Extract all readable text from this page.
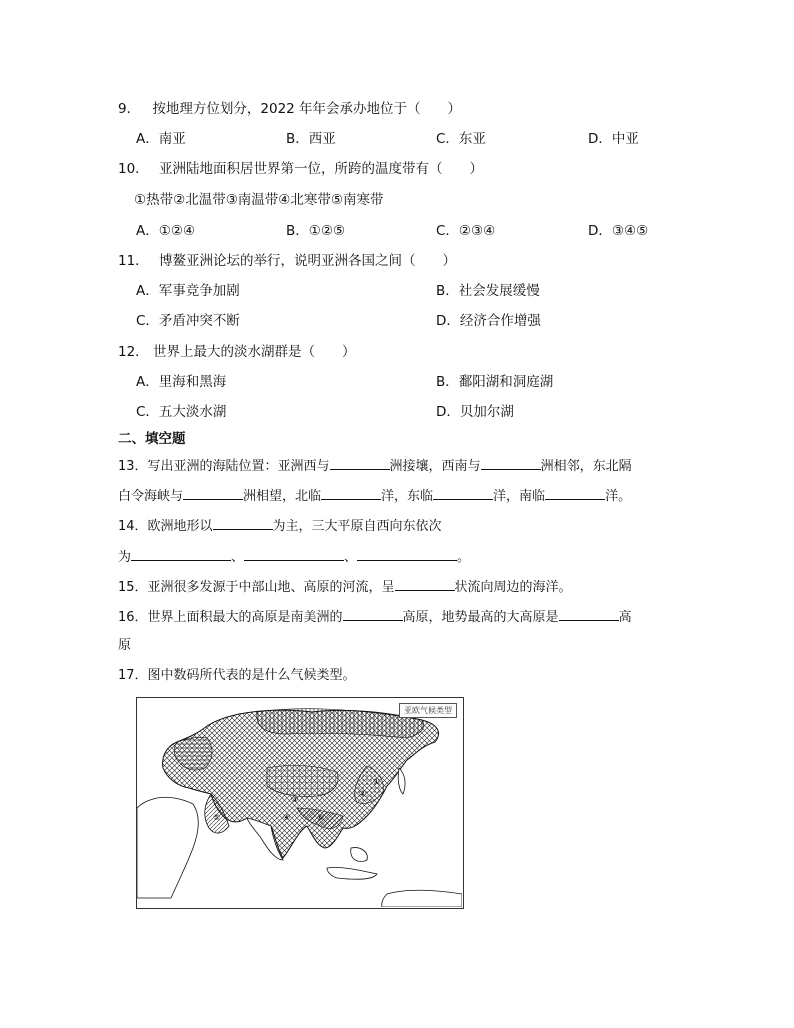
9． 按地理方位划分，2022 年年会承办地位于（　　）
A．南亚	B．西亚	C．东亚	D．中亚
10． 亚洲陆地面积居世界第一位，所跨的温度带有（　　）
①热带②北温带③南温带④北寒带⑤南寒带
A．①②④	B．①②⑤	C．②③④	D．③④⑤
11． 博鳌亚洲论坛的举行，说明亚洲各国之间（　　）
A．军事竞争加剧	B．社会发展缓慢
C．矛盾冲突不断	D．经济合作增强
12． 世界上最大的淡水湖群是（　　）
A．里海和黑海	B．鄱阳湖和洞庭湖
C．五大淡水湖	D．贝加尔湖
二、填空题
13．写出亚洲的海陆位置：亚洲西与	洲接壤，西南与	洲相邻，东北隔
白令海峡与	洲相望，北临	洋，东临	洋，南临	洋。
14．欧洲地形以	为主，三大平原自西向东依次
为	、	、	。
15．亚洲很多发源于中部山地、高原的河流，呈	状流向周边的海洋。
16．世界上面积最大的高原是南美洲的	高原，地势最高的大高原是	高
原
17．图中数码所代表的是什么气候类型。
①
②
③
④
⑤	⑥
亚欧气候类型
